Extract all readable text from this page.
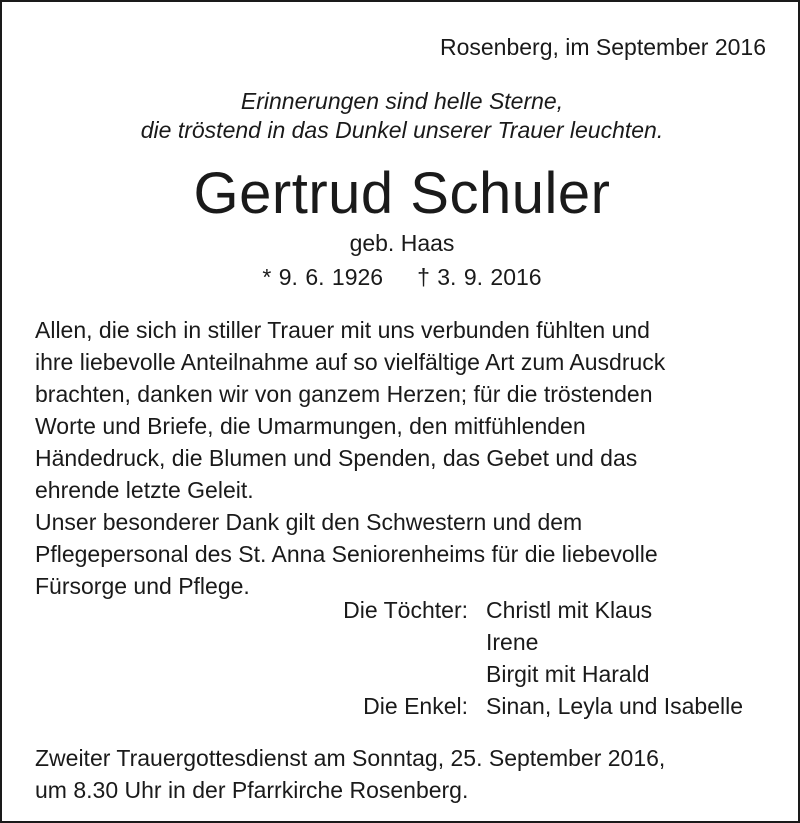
Rosenberg, im September 2016
Erinnerungen sind helle Sterne,
die tröstend in das Dunkel unserer Trauer leuchten.
Gertrud Schuler
geb. Haas
* 9. 6. 1926 † 3. 9. 2016
Allen, die sich in stiller Trauer mit uns verbunden fühlten und
ihre liebevolle Anteilnahme auf so vielfältige Art zum Ausdruck
brachten, danken wir von ganzem Herzen; für die tröstenden
Worte und Briefe, die Umarmungen, den mitfühlenden
Händedruck, die Blumen und Spenden, das Gebet und das
ehrende letzte Geleit.
Unser besonderer Dank gilt den Schwestern und dem
Pflegepersonal des St. Anna Seniorenheims für die liebevolle
Fürsorge und Pflege.
Die Töchter: Christl mit Klaus
Irene
Birgit mit Harald
Die Enkel: Sinan, Leyla und Isabelle
Zweiter Trauergottesdienst am Sonntag, 25. September 2016,
um 8.30 Uhr in der Pfarrkirche Rosenberg.
